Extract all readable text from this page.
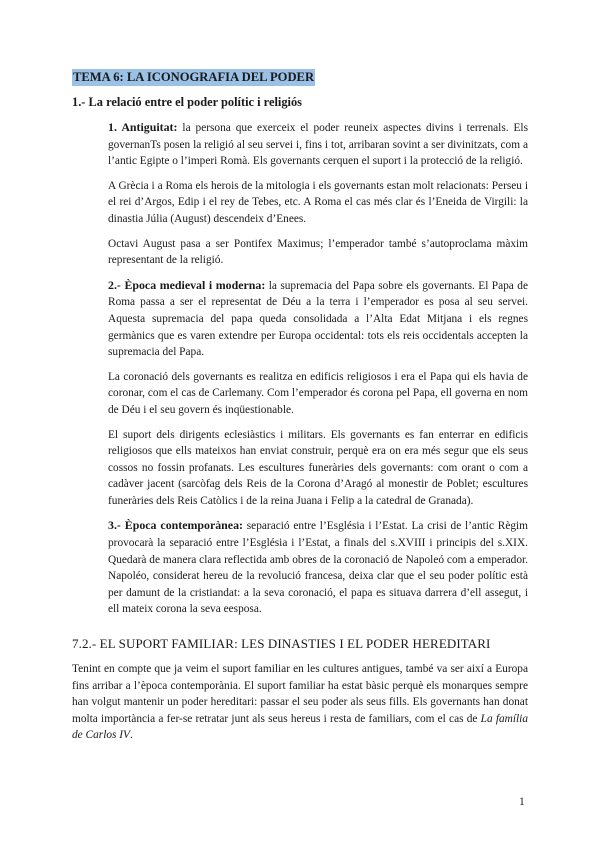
TEMA 6: LA ICONOGRAFIA DEL PODER
1.- La relació entre el poder polític i religiós

1. Antiguitat: la persona que exerceix el poder reuneix aspectes divins i terrenals. Els governanTs posen la religió al seu servei i, fins i tot, arribaran sovint a ser divinitzats, com a l’antic Egipte o l’imperi Romà. Els governants cerquen el suport i la protecció de la religió.

A Grècia i a Roma els herois de la mitologia i els governants estan molt relacionats: Perseu i el rei d’Argos, Edip i el rey de Tebes, etc. A Roma el cas més clar és l’Eneida de Virgili: la dinastia Júlia (August) descendeix d’Enees.

Octavi August pasa a ser Pontifex Maximus; l’emperador també s’autoproclama màxim representant de la religió.

2.- Època medieval i moderna: la supremacia del Papa sobre els governants. El Papa de Roma passa a ser el representat de Déu a la terra i l’emperador es posa al seu servei. Aquesta supremacia del papa queda consolidada a l’Alta Edat Mitjana i els regnes germànics que es varen extendre per Europa occidental: tots els reis occidentals accepten la supremacia del Papa.

La coronació dels governants es realitza en edificis religiosos i era el Papa qui els havia de coronar, com el cas de Carlemany. Com l’emperador és corona pel Papa, ell governa en nom de Déu i el seu govern és inqüestionable.

El suport dels dirigents eclesiàstics i militars. Els governants es fan enterrar en edificis religiosos que ells mateixos han enviat construir, perquè era on era més segur que els seus cossos no fossin profanats. Les escultures funeràries dels governants: com orant o com a cadàver jacent (sarcòfag dels Reis de la Corona d’Aragó al monestir de Poblet; escultures funeràries dels Reis Catòlics i de la reina Juana i Felip a la catedral de Granada).

3.- Època contemporànea: separació entre l’Església i l’Estat. La crisi de l’antic Règim provocarà la separació entre l’Església i l’Estat, a finals del s.XVIII i principis del s.XIX. Quedarà de manera clara reflectida amb obres de la coronació de Napoleó com a emperador. Napoléo, considerat hereu de la revolució francesa, deixa clar que el seu poder polític està per damunt de la cristiandat: a la seva coronació, el papa es situava darrera d’ell assegut, i ell mateix corona la seva eesposa.

7.2.- EL SUPORT FAMILIAR: LES DINASTIES I EL PODER HEREDITARI

Tenint en compte que ja veim el suport familiar en les cultures antigues, també va ser així a Europa fins arribar a l’època contemporània. El suport familiar ha estat bàsic perquè els monarques sempre han volgut mantenir un poder hereditari: passar el seu poder als seus fills. Els governants han donat molta importància a fer-se retratar junt als seus hereus i resta de familiars, com el cas de La família de Carlos IV.

1
